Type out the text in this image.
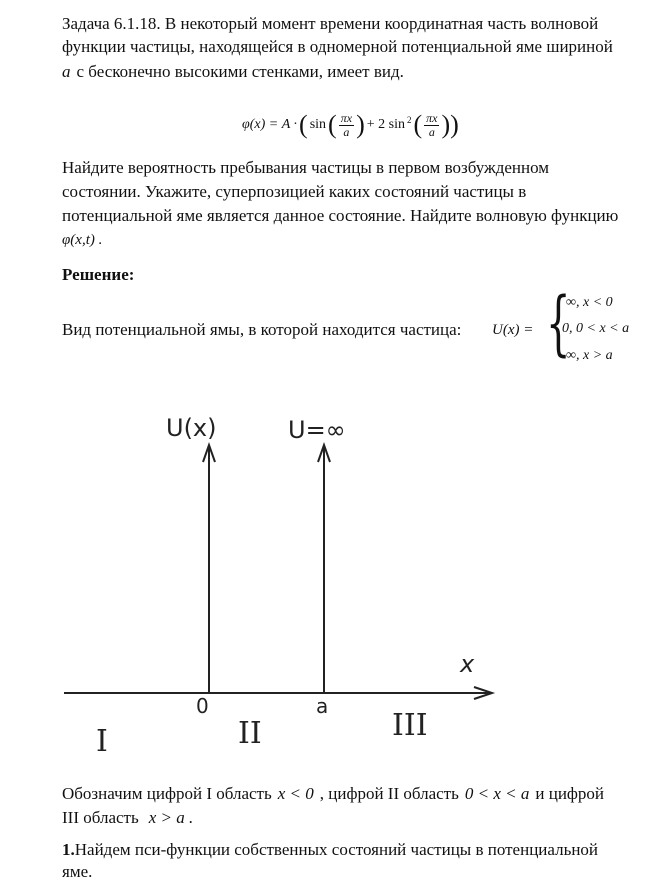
Задача 6.1.18. В некоторый момент времени координатная часть волновой
функции частицы, находящейся в одномерной потенциальной яме шириной
a с бесконечно высокими стенками, имеет вид.
φ(x) = A · ( sin ( $\frac{\pi x}{a}$ ) + 2 $\sin^2$ ( $\frac{\pi x}{a}$ ))
Найдите вероятность пребывания частицы в первом возбужденном
состоянии. Укажите, суперпозицией каких состояний частицы в
потенциальной яме является данное состояние. Найдите волновую функцию
φ(x,t) .
Решение:
Вид потенциальной ямы, в которой находится частица:	U(x) = {
∞, x < 0
0, 0 < x < a
∞, x > a
U(x)	U=∞
x
0	a
I	II	III
Обозначим цифрой I область x < 0 , цифрой II область 0 < x < a и цифрой
III область x > a .
1.Найдем пси-функции собственных состояний частицы в потенциальной
яме.
